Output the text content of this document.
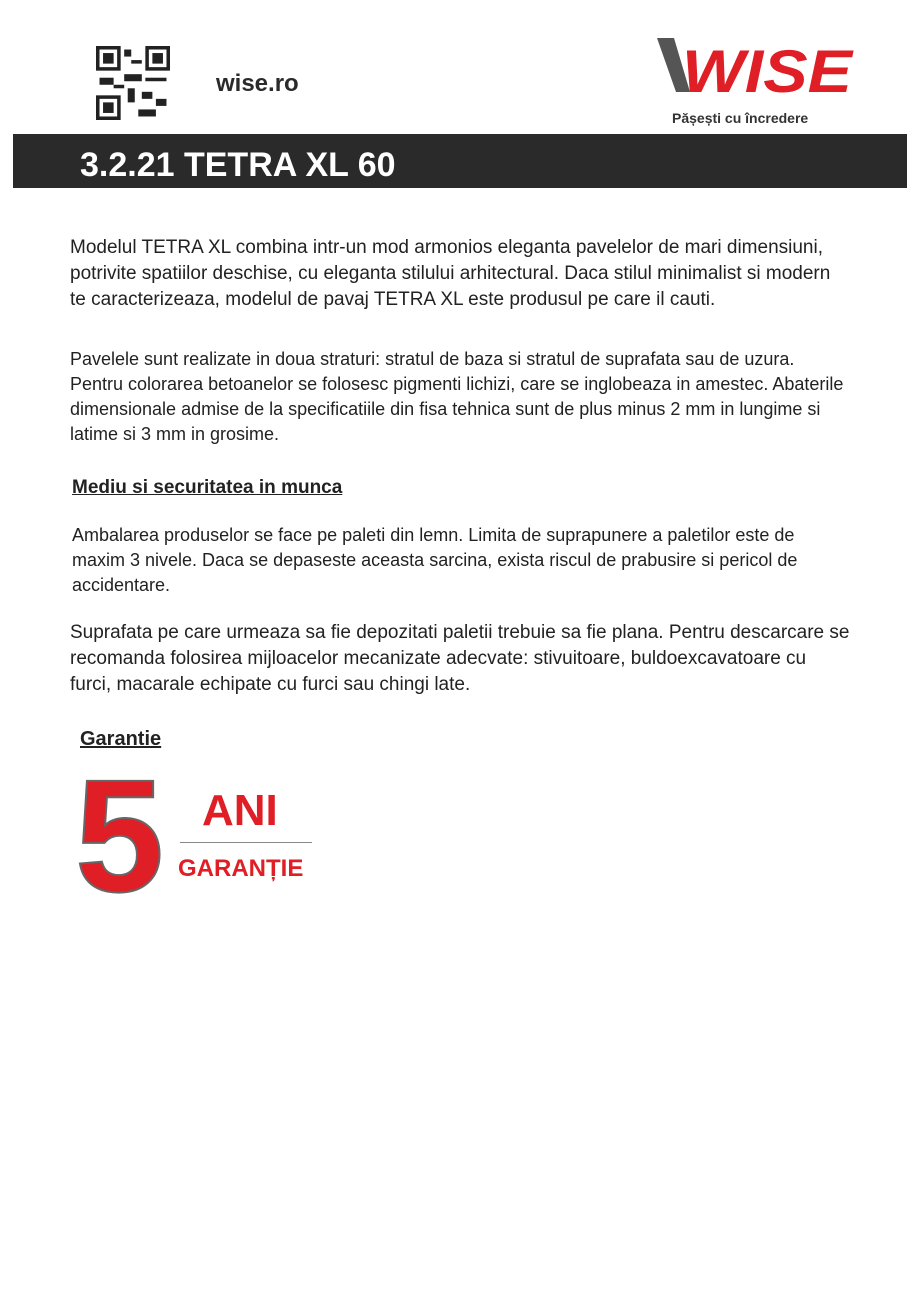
wise.ro	WISE
Pășești cu încredere
3.2.21 TETRA XL 60

Modelul TETRA XL combina intr-un mod armonios eleganta pavelelor de mari dimensiuni, potrivite spatiilor deschise, cu eleganta stilului arhitectural. Daca stilul minimalist si modern te caracterizeaza, modelul de pavaj TETRA XL este produsul pe care il cauti.

Pavelele sunt realizate in doua straturi: stratul de baza si stratul de suprafata sau de uzura. Pentru colorarea betoanelor se folosesc pigmenti lichizi, care se inglobeaza in amestec. Abaterile dimensionale admise de la specificatiile din fisa tehnica sunt de plus minus 2 mm in lungime si latime si 3 mm in grosime.

Mediu si securitatea in munca

Ambalarea produselor se face pe paleti din lemn. Limita de suprapunere a paletilor este de maxim 3 nivele. Daca se depaseste aceasta sarcina, exista riscul de prabusire si pericol de accidentare.

Suprafata pe care urmeaza sa fie depozitati paletii trebuie sa fie plana. Pentru descarcare se recomanda folosirea mijloacelor mecanizate adecvate: stivuitoare, buldoexcavatoare cu furci, macarale echipate cu furci sau chingi late.

Garantie
5 ANI
GARANȚIE
